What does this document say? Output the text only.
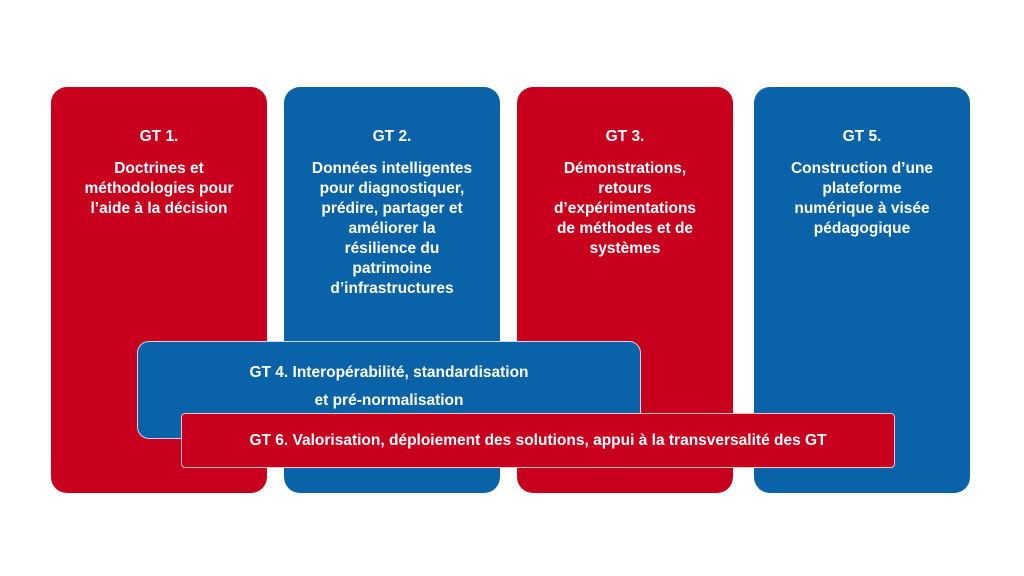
GT 1.
Doctrines et
méthodologies pour
l’aide à la décision
GT 2.
Données intelligentes
pour diagnostiquer,
prédire, partager et
améliorer la
résilience du
patrimoine
d’infrastructures
GT 3.
Démonstrations,
retours
d’expérimentations
de méthodes et de
systèmes
GT 5.
Construction d’une
plateforme
numérique à visée
pédagogique
GT 4. Interopérabilité, standardisation
et pré-normalisation
GT 6. Valorisation, déploiement des solutions, appui à la transversalité des GT
